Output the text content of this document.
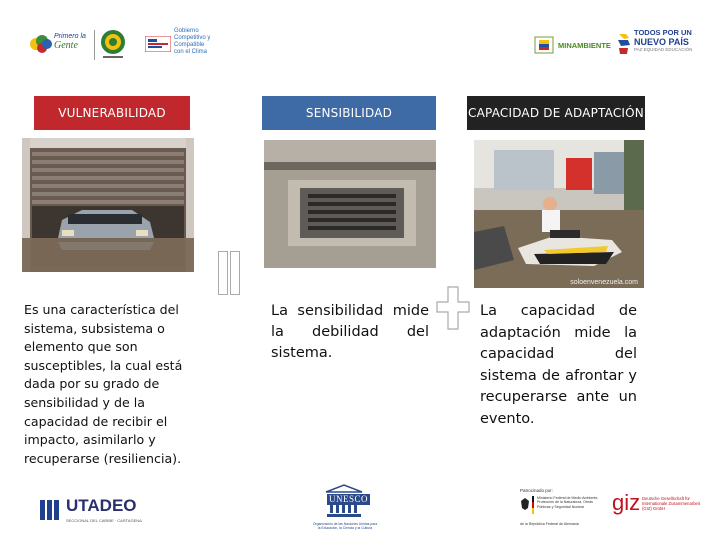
Primero la
Gente
Gobierno
Competitivo y
Compatible
con el Clima
MINAMBIENTE
TODOS POR UN
NUEVO PAÍS
PAZ EQUIDAD EDUCACIÓN
VULNERABILIDAD	SENSIBILIDAD	CAPACIDAD DE ADAPTACIÓN
soloenvenezuela.com
Es una característica del sistema, subsistema o elemento que son susceptibles, la cual está dada por su grado de sensibilidad y de la capacidad de recibir el impacto, asimilarlo y recuperarse (resiliencia).
La sensibilidad mide la debilidad del sistema.
La capacidad de adaptación mide la capacidad del sistema de afrontar y recuperarse ante un evento.
UTADEO
SECCIONAL DEL CARIBE · CARTAGENA
UNESCO
Organización de las Naciones Unidas para la Educación, la Ciencia y la Cultura
Patrocinado por:
Ministerio Federal de Medio Ambiente, Protección de la Naturaleza, Obras Públicas y Seguridad Nuclear
de la República Federal de Alemania
giz Deutsche Gesellschaft für Internationale Zusammenarbeit (GIZ) GmbH
